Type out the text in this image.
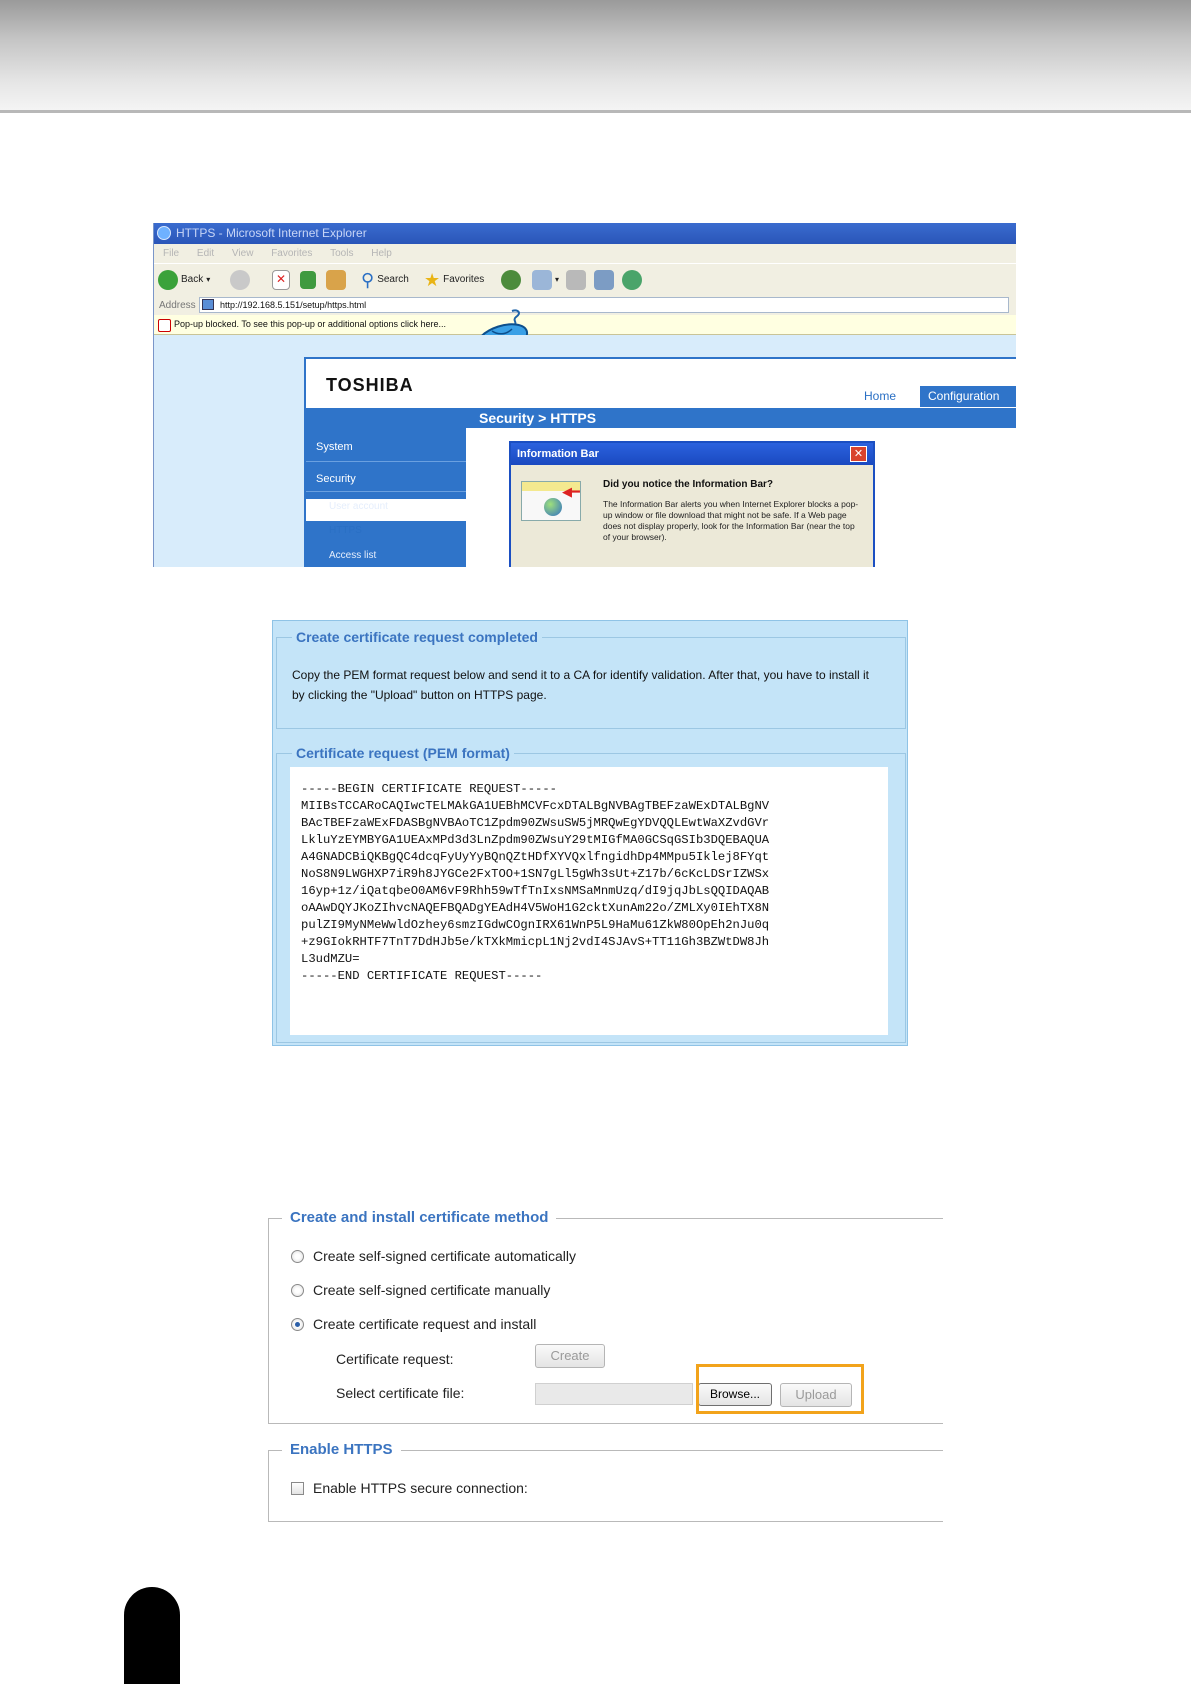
HTTPS - Microsoft Internet Explorer
File Edit View Favorites Tools Help
Back ▾	✕	⚲ Search ★ Favorites	▾
Address	http://192.168.5.151/setup/https.html
Pop-up blocked. To see this pop-up or additional options click here...
TOSHIBA
Home	Configuration
Security > HTTPS
System
Security
User account
HTTPS
Access list
Information Bar	✕
◀━ Did you notice the Information Bar?
The Information Bar alerts you when Internet Explorer blocks a pop-up window or file download that might not be safe. If a Web page does not display properly, look for the Information Bar (near the top of your browser).
Create certificate request completed
Copy the PEM format request below and send it to a CA for identify validation. After that, you have to install it by clicking the "Upload" button on HTTPS page.
Certificate request (PEM format)
-----BEGIN CERTIFICATE REQUEST-----
MIIBsTCCARoCAQIwcTELMAkGA1UEBhMCVFcxDTALBgNVBAgTBEFzaWExDTALBgNV
BAcTBEFzaWExFDASBgNVBAoTC1Zpdm90ZWsuSW5jMRQwEgYDVQQLEwtWaXZvdGVr
LkluYzEYMBYGA1UEAxMPd3d3LnZpdm90ZWsuY29tMIGfMA0GCSqGSIb3DQEBAQUA
A4GNADCBiQKBgQC4dcqFyUyYyBQnQZtHDfXYVQxlfngidhDp4MMpu5Iklej8FYqt
NoS8N9LWGHXP7iR9h8JYGCe2FxTOO+1SN7gLl5gWh3sUt+Z17b/6cKcLDSrIZWSx
16yp+1z/iQatqbeO0AM6vF9Rhh59wTfTnIxsNMSaMnmUzq/dI9jqJbLsQQIDAQAB
oAAwDQYJKoZIhvcNAQEFBQADgYEAdH4V5WoH1G2cktXunAm22o/ZMLXy0IEhTX8N
pulZI9MyNMeWwldOzhey6smzIGdwCOgnIRX61WnP5L9HaMu61ZkW80OpEh2nJu0q
+z9GIokRHTF7TnT7DdHJb5e/kTXkMmicpL1Nj2vdI4SJAvS+TT11Gh3BZWtDW8Jh
L3udMZU=
-----END CERTIFICATE REQUEST-----
Create and install certificate method
Create self-signed certificate automatically
Create self-signed certificate manually
Create certificate request and install
Certificate request:	Create
Select certificate file:	Browse...	Upload
Enable HTTPS
Enable HTTPS secure connection:
